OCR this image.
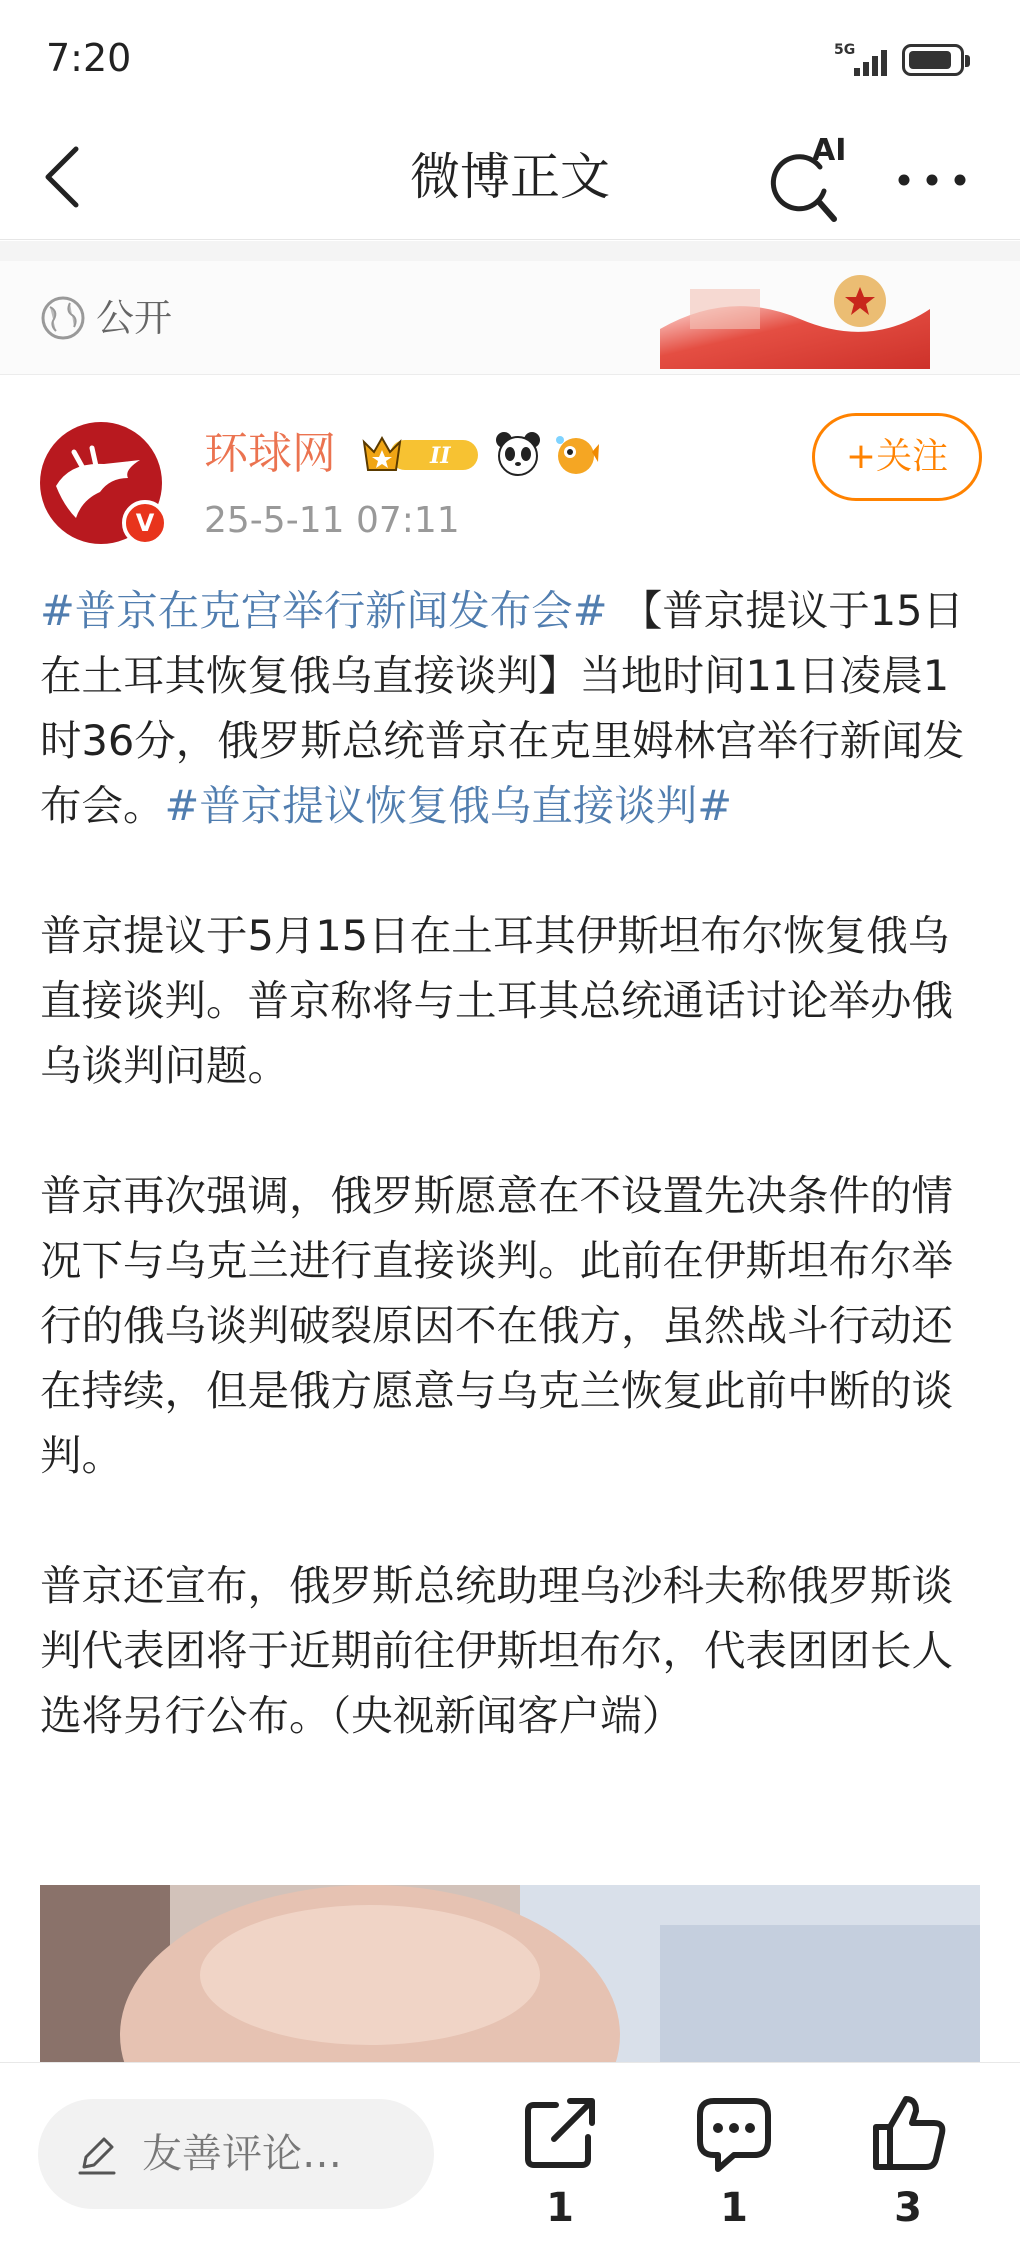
7:20	5G
微博正文	AI
公开
V
环球网	II
25-5-11 07:11
+关注

#普京在克宫举行新闻发布会# 【普京提议于15日在土耳其恢复俄乌直接谈判】当地时间11日凌晨1时36分，俄罗斯总统普京在克里姆林宫举行新闻发布会。#普京提议恢复俄乌直接谈判#

普京提议于5月15日在土耳其伊斯坦布尔恢复俄乌直接谈判。普京称将与土耳其总统通话讨论举办俄乌谈判问题。

普京再次强调，俄罗斯愿意在不设置先决条件的情况下与乌克兰进行直接谈判。此前在伊斯坦布尔举行的俄乌谈判破裂原因不在俄方，虽然战斗行动还在持续，但是俄方愿意与乌克兰恢复此前中断的谈判。

普京还宣布，俄罗斯总统助理乌沙科夫称俄罗斯谈判代表团将于近期前往伊斯坦布尔，代表团团长人选将另行公布。（央视新闻客户端）

友善评论…
1	1	3
